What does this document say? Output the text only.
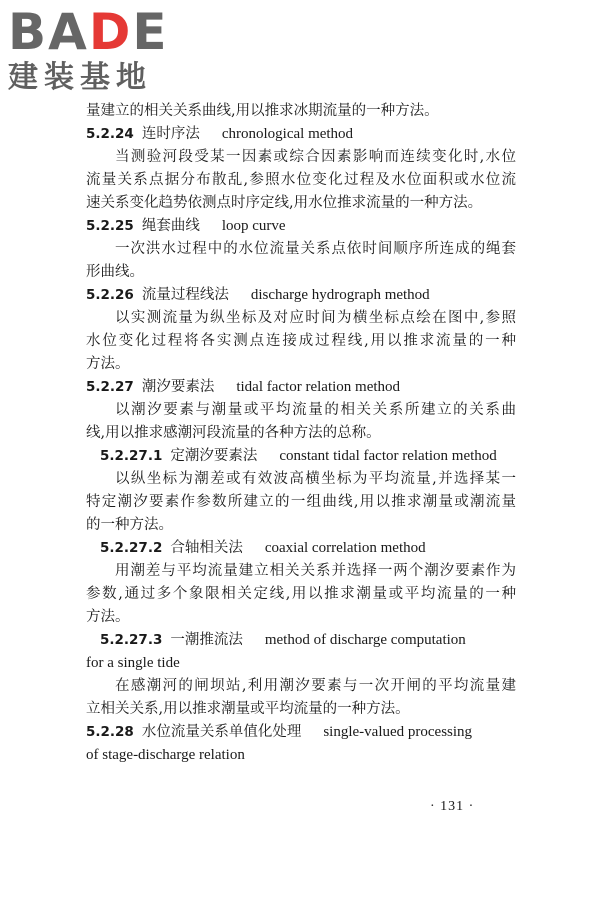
BADE
建装基地
量建立的相关关系曲线,用以推求冰期流量的一种方法。
5.2.24 连时序法 chronological method
当测验河段受某一因素或综合因素影响而连续变化时,水位
流量关系点据分布散乱,参照水位变化过程及水位面积或水位流
速关系变化趋势依测点时序定线,用水位推求流量的一种方法。
5.2.25 绳套曲线 loop curve
一次洪水过程中的水位流量关系点依时间顺序所连成的绳套
形曲线。
5.2.26 流量过程线法 discharge hydrograph method
以实测流量为纵坐标及对应时间为横坐标点绘在图中,参照
水位变化过程将各实测点连接成过程线,用以推求流量的一种
方法。
5.2.27 潮汐要素法 tidal factor relation method
以潮汐要素与潮量或平均流量的相关关系所建立的关系曲
线,用以推求感潮河段流量的各种方法的总称。
5.2.27.1 定潮汐要素法 constant tidal factor relation method
以纵坐标为潮差或有效波高横坐标为平均流量,并选择某一
特定潮汐要素作参数所建立的一组曲线,用以推求潮量或潮流量
的一种方法。
5.2.27.2 合轴相关法 coaxial correlation method
用潮差与平均流量建立相关关系并选择一两个潮汐要素作为
参数,通过多个象限相关定线,用以推求潮量或平均流量的一种
方法。
5.2.27.3 一潮推流法 method of discharge computation
for a single tide
在感潮河的闸坝站,利用潮汐要素与一次开闸的平均流量建
立相关关系,用以推求潮量或平均流量的一种方法。
5.2.28 水位流量关系单值化处理 single-valued processing
of stage-discharge relation
· 131 ·
